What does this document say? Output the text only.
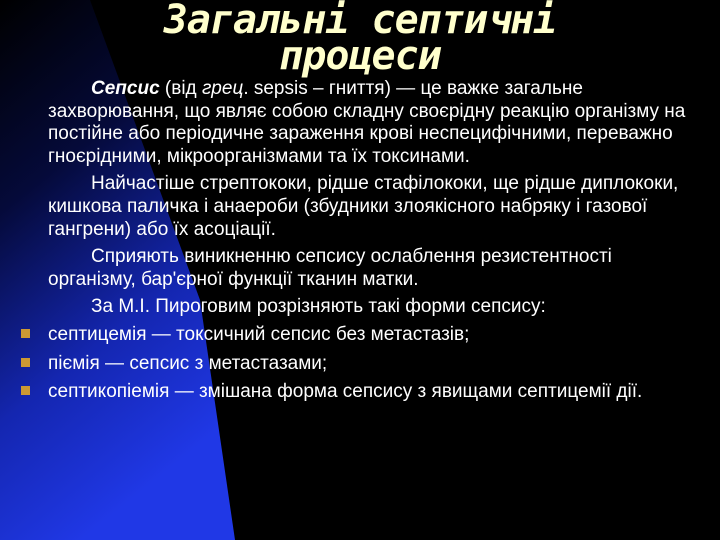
Загальні септичні
процеси

Сепсис (від грец. sepsis – гниття) — це важке загальне захворювання, що являє собою складну своєрідну реакцію організму на постійне або періодичне зараження крові неспецифічними, переважно гноєрідними, мікроорганізмами та їх токсинами.

Найчастіше стрептококи, рідше стафілококи, ще рідше диплококи, кишкова паличка і анаероби (збудники злоякісного набряку і газової гангрени) або їх асоціації.

Сприяють виникненню сепсису ослаблення резистентності організму, бар'єрної функції тканин матки.

За М.І. Пироговим розрізняють такі форми сепсису:

септицемія — токсичний сепсис без метастазів;
піємія — сепсис з метастазами;
септикопіемія — змішана форма сепсису з явищами септицемії дії.
